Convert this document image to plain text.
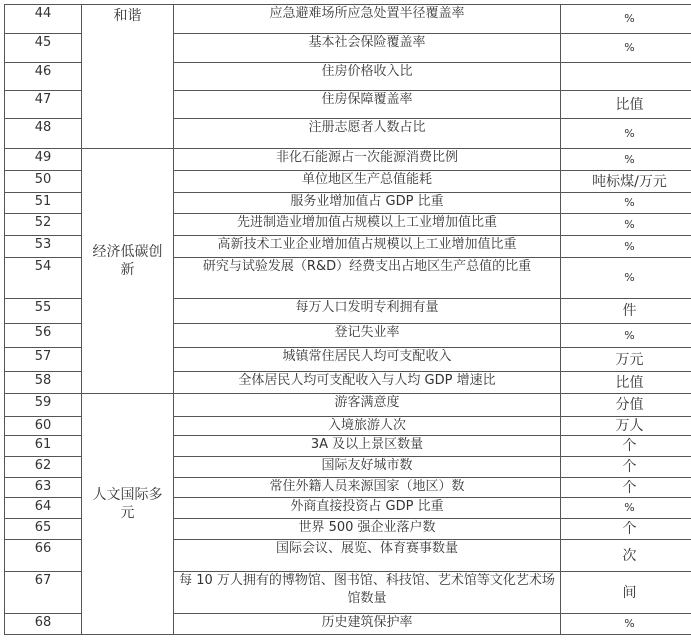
44	和谐	应急避难场所应急处置半径覆盖率	%
45		基本社会保险覆盖率	%
46		住房价格收入比	
47		住房保障覆盖率	比值
48		注册志愿者人数占比	%
49	经济低碳创新	非化石能源占一次能源消费比例	%
50		单位地区生产总值能耗	吨标煤/万元
51		服务业增加值占 GDP 比重	%
52		先进制造业增加值占规模以上工业增加值比重	%
53		高新技术工业企业增加值占规模以上工业增加值比重	%
54		研究与试验发展（R&D）经费支出占地区生产总值的比重	%
55		每万人口发明专利拥有量	件
56		登记失业率	%
57		城镇常住居民人均可支配收入	万元
58		全体居民人均可支配收入与人均 GDP 增速比	比值
59	人文国际多元	游客满意度	分值
60		入境旅游人次	万人
61		3A 及以上景区数量	个
62		国际友好城市数	个
63		常住外籍人员来源国家（地区）数	个
64		外商直接投资占 GDP 比重	%
65		世界 500 强企业落户数	个
66		国际会议、展览、体育赛事数量	次
67		每 10 万人拥有的博物馆、图书馆、科技馆、艺术馆等文化艺术场馆数量	间
68		历史建筑保护率	%
